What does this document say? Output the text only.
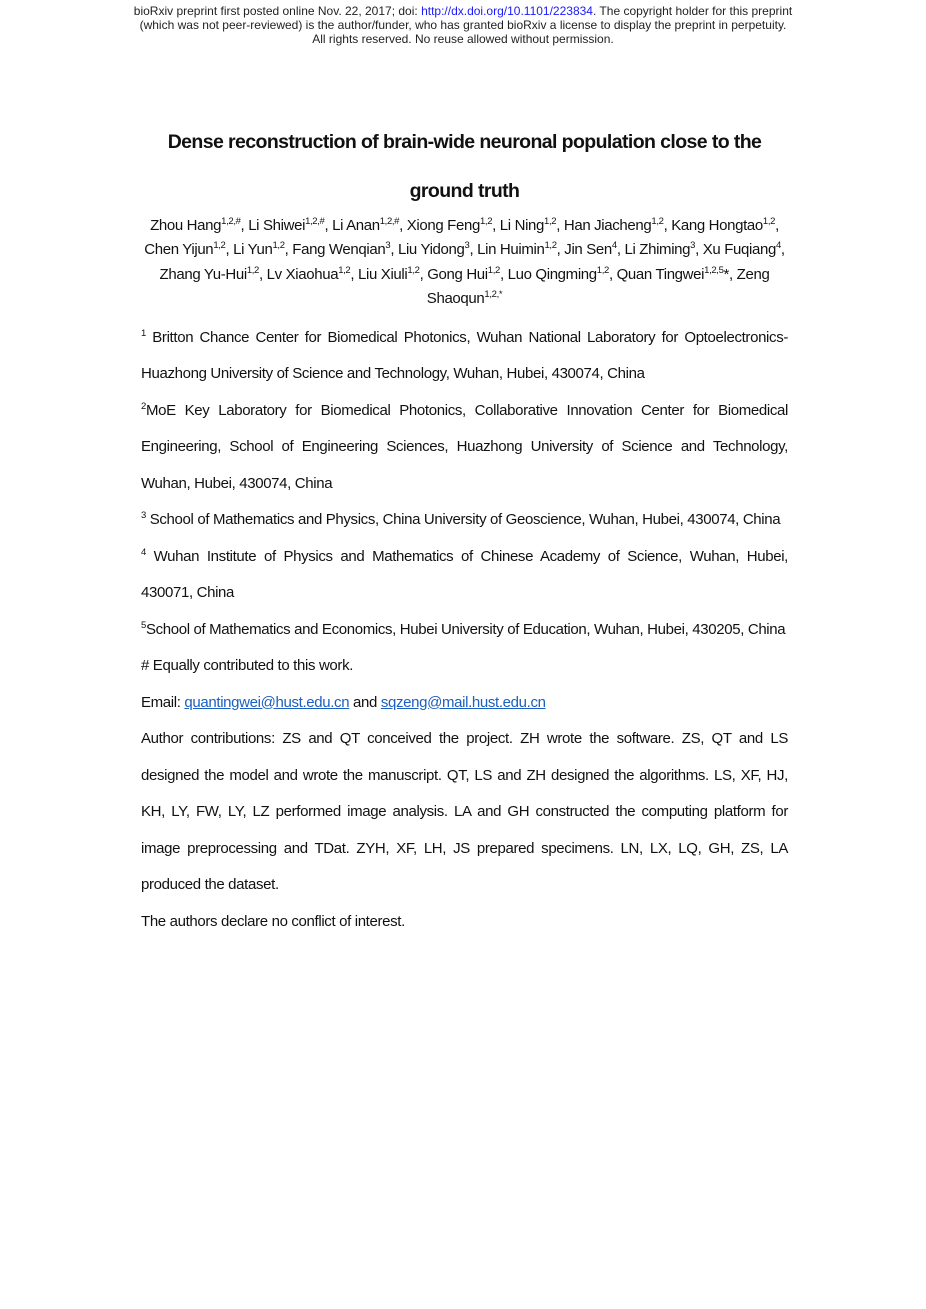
bioRxiv preprint first posted online Nov. 22, 2017; doi: http://dx.doi.org/10.1101/223834. The copyright holder for this preprint
(which was not peer-reviewed) is the author/funder, who has granted bioRxiv a license to display the preprint in perpetuity.
All rights reserved. No reuse allowed without permission.
Dense reconstruction of brain-wide neuronal population close to the
ground truth

Zhou Hang$^{1,2,\#}$, Li Shiwei$^{1,2,\#}$, Li Anan$^{1,2,\#}$, Xiong Feng$^{1,2}$, Li Ning$^{1,2}$, Han Jiacheng$^{1,2}$, Kang Hongtao$^{1,2}$, Chen Yijun$^{1,2}$, Li Yun$^{1,2}$, Fang Wenqian$^3$, Liu Yidong$^3$, Lin Huimin$^{1,2}$, Jin Sen$^4$, Li Zhiming$^3$, Xu Fuqiang$^4$, Zhang Yu-Hui$^{1,2}$, Lv Xiaohua$^{1,2}$, Liu Xiuli$^{1,2}$, Gong Hui$^{1,2}$, Luo Qingming$^{1,2}$, Quan Tingwei$^{1,2,5}$*, Zeng Shaoqun$^{1,2,*}$

$^1$ Britton Chance Center for Biomedical Photonics, Wuhan National Laboratory for Optoelectronics-Huazhong University of Science and Technology, Wuhan, Hubei, 430074, China

$^2$MoE Key Laboratory for Biomedical Photonics, Collaborative Innovation Center for Biomedical Engineering, School of Engineering Sciences, Huazhong University of Science and Technology, Wuhan, Hubei, 430074, China

$^3$ School of Mathematics and Physics, China University of Geoscience, Wuhan, Hubei, 430074, China

$^4$ Wuhan Institute of Physics and Mathematics of Chinese Academy of Science, Wuhan, Hubei, 430071, China

$^5$School of Mathematics and Economics, Hubei University of Education, Wuhan, Hubei, 430205, China

# Equally contributed to this work.

Email: quantingwei@hust.edu.cn and sqzeng@mail.hust.edu.cn

Author contributions: ZS and QT conceived the project. ZH wrote the software. ZS, QT and LS designed the model and wrote the manuscript. QT, LS and ZH designed the algorithms. LS, XF, HJ, KH, LY, FW, LY, LZ performed image analysis. LA and GH constructed the computing platform for image preprocessing and TDat. ZYH, XF, LH, JS prepared specimens. LN, LX, LQ, GH, ZS, LA produced the dataset.

The authors declare no conflict of interest.
